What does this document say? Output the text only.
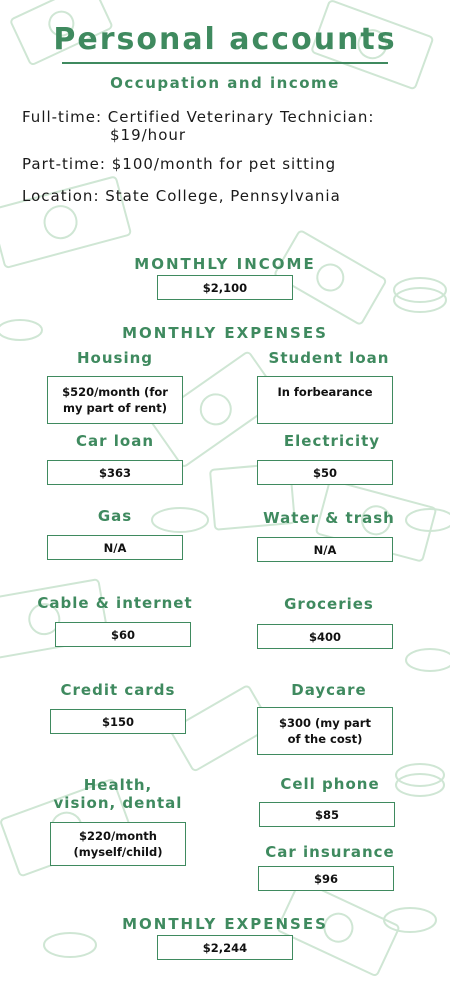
Personal accounts
Occupation and income
Full-time: Certified Veterinary Technician:
$19/hour
Part-time: $100/month for pet sitting
Location: State College, Pennsylvania
MONTHLY INCOME
$2,100
MONTHLY EXPENSES
Housing
$520/month (for
my part of rent)
Student loan
In forbearance
Car loan
$363
Electricity
$50
Gas
N/A
Water & trash
N/A
Cable & internet
$60
Groceries
$400
Credit cards
$150
Daycare
$300 (my part
of the cost)
Health,
vision, dental
$220/month
(myself/child)
Cell phone
$85
Car insurance
$96
MONTHLY EXPENSES
$2,244
